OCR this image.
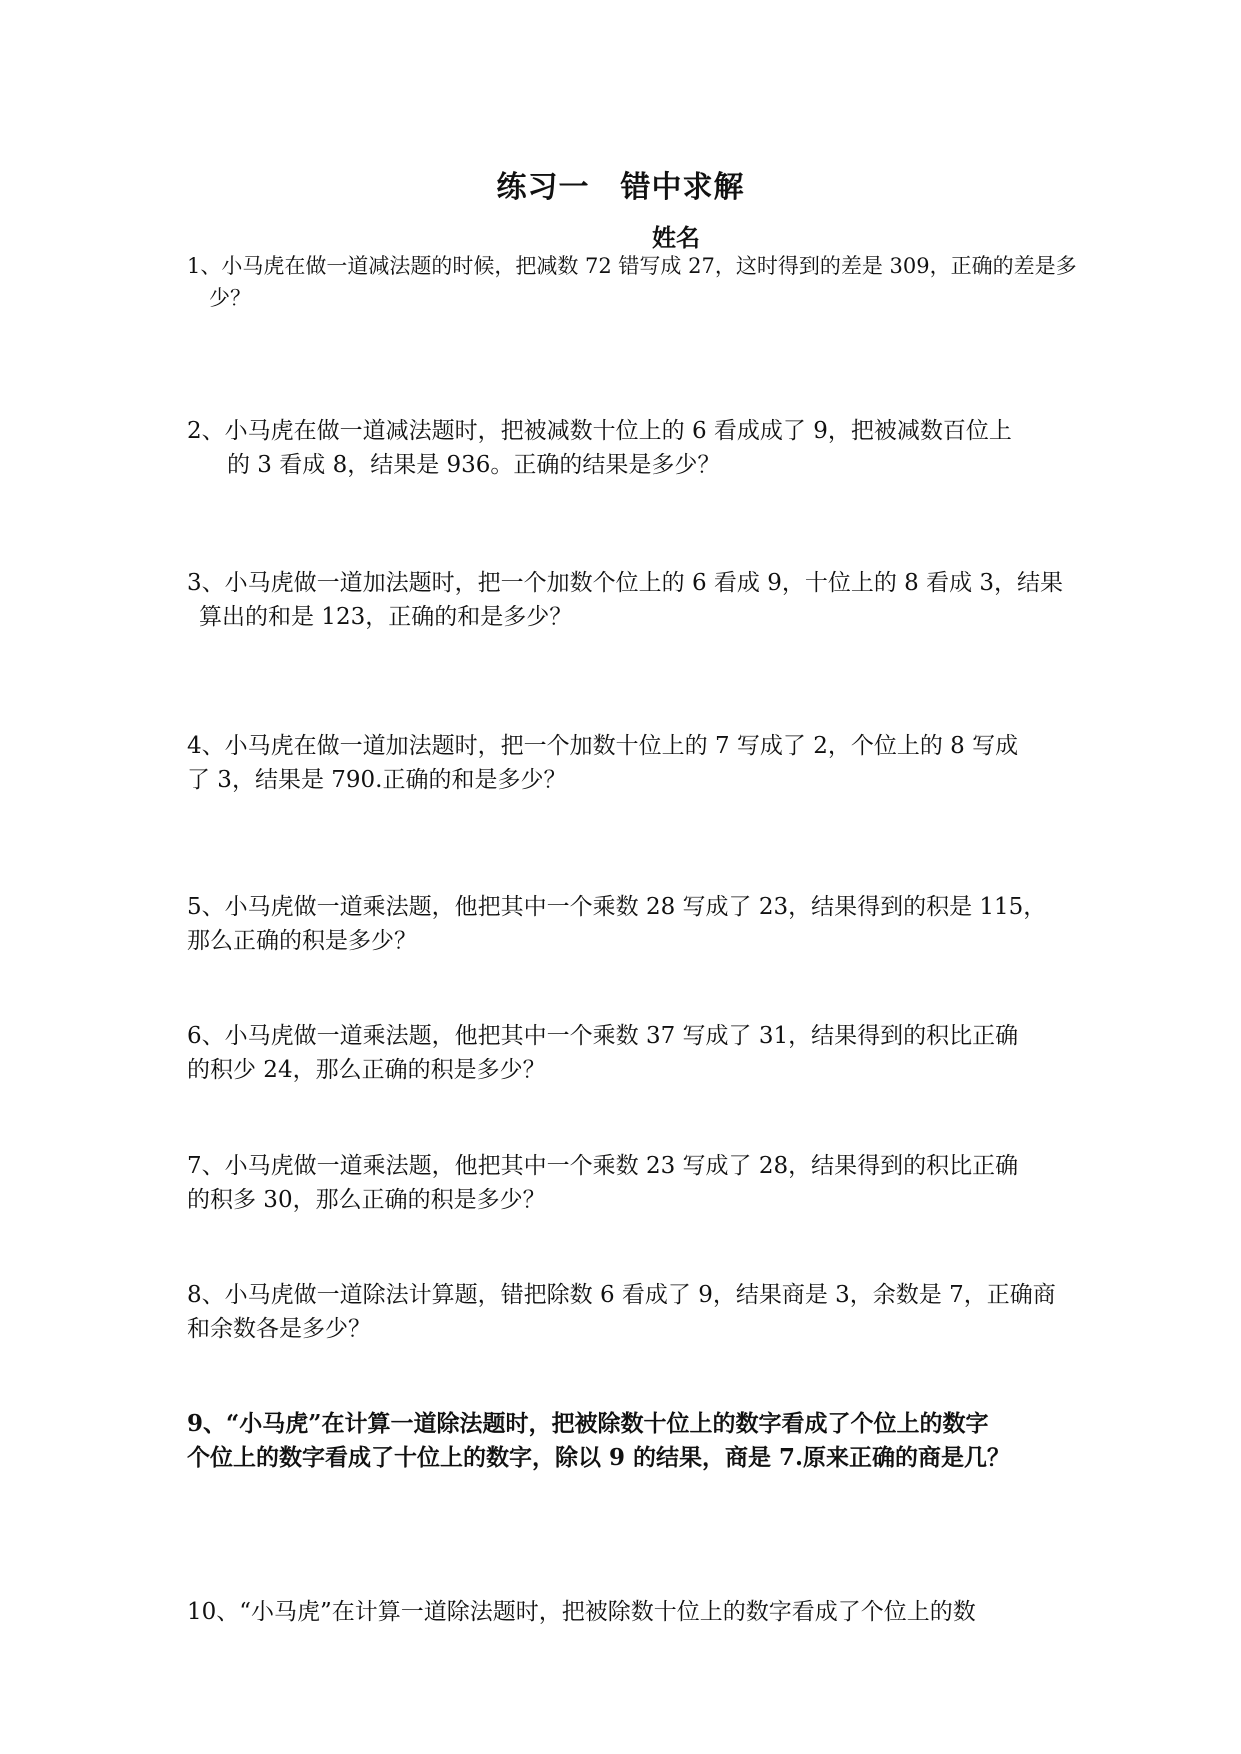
练习一　错中求解
姓名
1、小马虎在做一道减法题的时候，把减数 72 错写成 27，这时得到的差是 309，正确的差是多
少？
2、小马虎在做一道减法题时，把被减数十位上的 6 看成成了 9，把被减数百位上
的 3 看成 8，结果是 936。正确的结果是多少？
3、小马虎做一道加法题时，把一个加数个位上的 6 看成 9，十位上的 8 看成 3，结果
算出的和是 123，正确的和是多少？
4、小马虎在做一道加法题时，把一个加数十位上的 7 写成了 2，个位上的 8 写成
了 3，结果是 790.正确的和是多少？
5、小马虎做一道乘法题，他把其中一个乘数 28 写成了 23，结果得到的积是 115，
那么正确的积是多少？
6、小马虎做一道乘法题，他把其中一个乘数 37 写成了 31，结果得到的积比正确
的积少 24，那么正确的积是多少？
7、小马虎做一道乘法题，他把其中一个乘数 23 写成了 28，结果得到的积比正确
的积多 30，那么正确的积是多少？
8、小马虎做一道除法计算题，错把除数 6 看成了 9，结果商是 3，余数是 7，正确商
和余数各是多少？
9、“小马虎”在计算一道除法题时，把被除数十位上的数字看成了个位上的数字
个位上的数字看成了十位上的数字，除以 9 的结果，商是 7.原来正确的商是几？
10、“小马虎”在计算一道除法题时，把被除数十位上的数字看成了个位上的数
